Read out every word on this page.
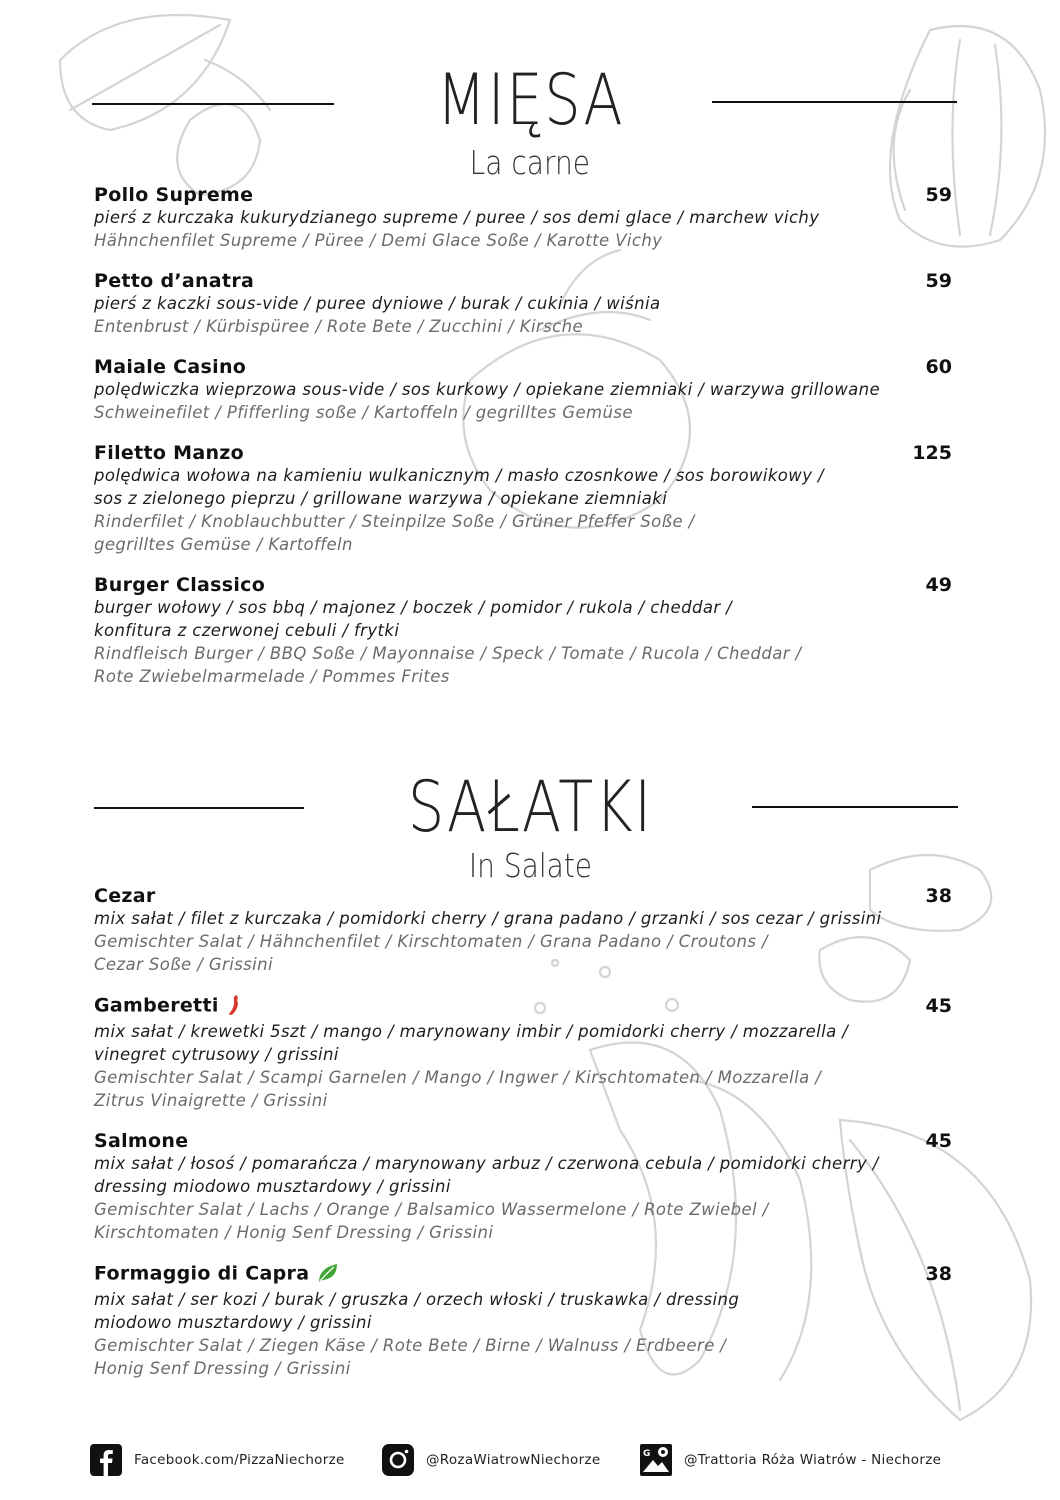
MIĘSA
La carne
Pollo Supreme	59
pierś z kurczaka kukurydzianego supreme / puree / sos demi glace / marchew vichy
Hähnchenfilet Supreme / Püree / Demi Glace Soße / Karotte Vichy
Petto d’anatra	59
pierś z kaczki sous-vide / puree dyniowe / burak / cukinia / wiśnia
Entenbrust / Kürbispüree / Rote Bete / Zucchini / Kirsche
Maiale Casino	60
polędwiczka wieprzowa sous-vide / sos kurkowy / opiekane ziemniaki / warzywa grillowane
Schweinefilet / Pfifferling soße / Kartoffeln / gegrilltes Gemüse
Filetto Manzo	125
polędwica wołowa na kamieniu wulkanicznym / masło czosnkowe / sos borowikowy /
sos z zielonego pieprzu / grillowane warzywa / opiekane ziemniaki
Rinderfilet / Knoblauchbutter / Steinpilze Soße / Grüner Pfeffer Soße /
gegrilltes Gemüse / Kartoffeln
Burger Classico	49
burger wołowy / sos bbq / majonez / boczek / pomidor / rukola / cheddar /
konfitura z czerwonej cebuli / frytki
Rindfleisch Burger / BBQ Soße / Mayonnaise / Speck / Tomate / Rucola / Cheddar /
Rote Zwiebelmarmelade / Pommes Frites
SAŁATKI
In Salate
Cezar	38
mix sałat / filet z kurczaka / pomidorki cherry / grana padano / grzanki / sos cezar / grissini
Gemischter Salat / Hähnchenfilet / Kirschtomaten / Grana Padano / Croutons /
Cezar Soße / Grissini
Gamberetti	45
mix sałat / krewetki 5szt / mango / marynowany imbir / pomidorki cherry / mozzarella /
vinegret cytrusowy / grissini
Gemischter Salat / Scampi Garnelen / Mango / Ingwer / Kirschtomaten / Mozzarella /
Zitrus Vinaigrette / Grissini
Salmone	45
mix sałat / łosoś / pomarańcza / marynowany arbuz / czerwona cebula / pomidorki cherry /
dressing miodowo musztardowy / grissini
Gemischter Salat / Lachs / Orange / Balsamico Wassermelone / Rote Zwiebel /
Kirschtomaten / Honig Senf Dressing / Grissini
Formaggio di Capra	38
mix sałat / ser kozi / burak / gruszka / orzech włoski / truskawka / dressing
miodowo musztardowy / grissini
Gemischter Salat / Ziegen Käse / Rote Bete / Birne / Walnuss / Erdbeere /
Honig Senf Dressing / Grissini
Facebook.com/PizzaNiechorze	@RozaWiatrowNiechorze	G @Trattoria Róża Wiatrów - Niechorze
